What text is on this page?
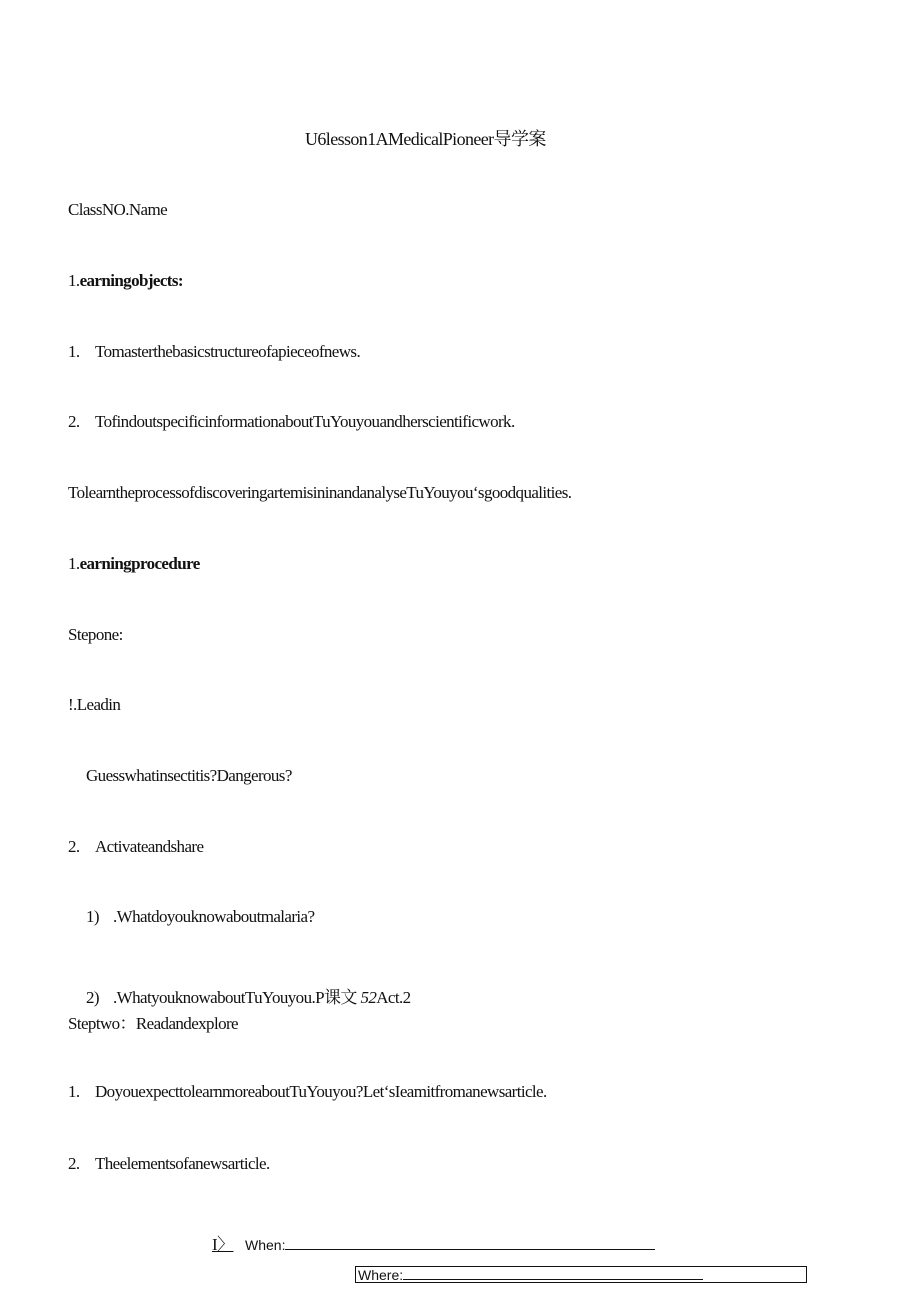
U6lesson1AMedicalPioneer导学案
ClassNO.Name
1.earningobjects:
1. Tomasterthebasicstructureofapieceofnews.
2. TofindoutspecificinformationaboutTuYouyouandherscientificwork.
TolearntheprocessofdiscoveringartemisininandanalyseTuYouyou‘sgoodqualities.
1.earningprocedure
Stepone:
!.Leadin
Guesswhatinsectitis?Dangerous?
2. Activateandshare
1) .Whatdoyouknowaboutmalaria?
2) .WhatyouknowaboutTuYouyou.P课文 52Act.2
Steptwo：Readandexplore
1. DoyouexpecttolearnmoreaboutTuYouyou?Let‘sIeamitfromanewsarticle.
2. Theelementsofanewsarticle.
I〉 When:
Where:
